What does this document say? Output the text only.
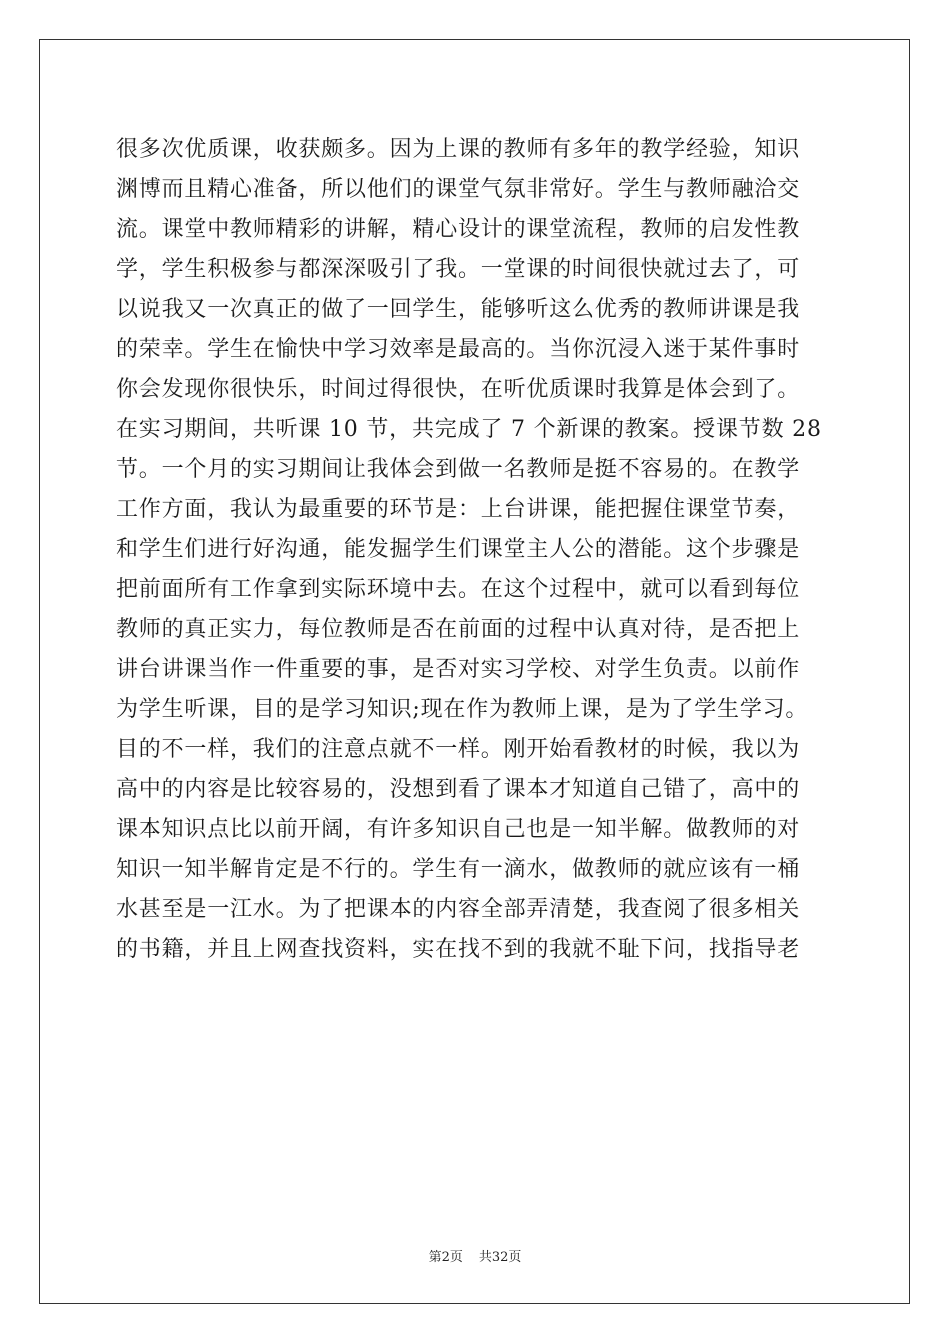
很多次优质课，收获颇多。因为上课的教师有多年的教学经验，知识
渊博而且精心准备，所以他们的课堂气氛非常好。学生与教师融洽交
流。课堂中教师精彩的讲解，精心设计的课堂流程，教师的启发性教
学，学生积极参与都深深吸引了我。一堂课的时间很快就过去了，可
以说我又一次真正的做了一回学生，能够听这么优秀的教师讲课是我
的荣幸。学生在愉快中学习效率是最高的。当你沉浸入迷于某件事时
你会发现你很快乐，时间过得很快，在听优质课时我算是体会到了。
在实习期间，共听课 10 节，共完成了 7 个新课的教案。授课节数 28
节。一个月的实习期间让我体会到做一名教师是挺不容易的。在教学
工作方面，我认为最重要的环节是：上台讲课，能把握住课堂节奏，
和学生们进行好沟通，能发掘学生们课堂主人公的潜能。这个步骤是
把前面所有工作拿到实际环境中去。在这个过程中，就可以看到每位
教师的真正实力，每位教师是否在前面的过程中认真对待，是否把上
讲台讲课当作一件重要的事，是否对实习学校、对学生负责。以前作
为学生听课，目的是学习知识;现在作为教师上课，是为了学生学习。
目的不一样，我们的注意点就不一样。刚开始看教材的时候，我以为
高中的内容是比较容易的，没想到看了课本才知道自己错了，高中的
课本知识点比以前开阔，有许多知识自己也是一知半解。做教师的对
知识一知半解肯定是不行的。学生有一滴水，做教师的就应该有一桶
水甚至是一江水。为了把课本的内容全部弄清楚，我查阅了很多相关
的书籍，并且上网查找资料，实在找不到的我就不耻下问，找指导老
第2页 共32页
